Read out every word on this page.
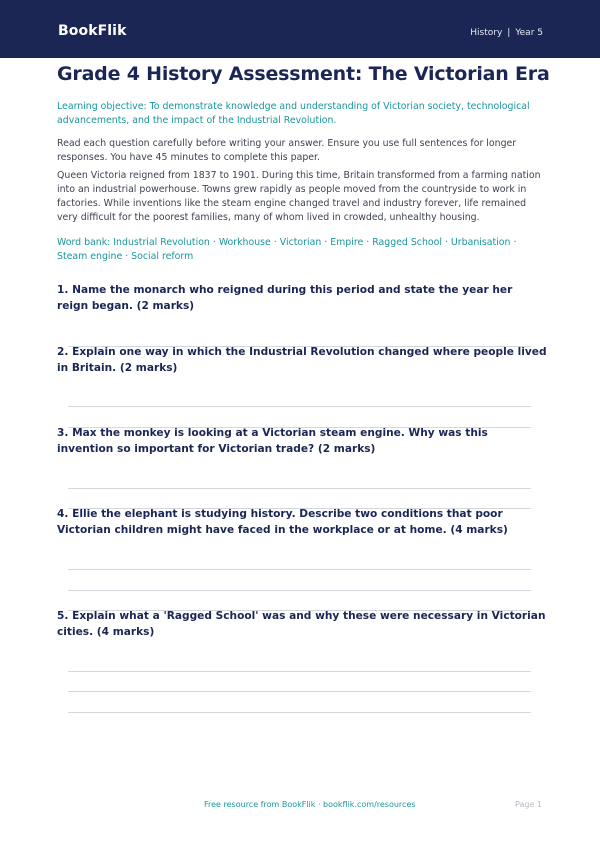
BookFlik	History | Year 5
Grade 4 History Assessment: The Victorian Era

Learning objective: To demonstrate knowledge and understanding of Victorian society, technological advancements, and the impact of the Industrial Revolution.

Read each question carefully before writing your answer. Ensure you use full sentences for longer responses. You have 45 minutes to complete this paper.

Queen Victoria reigned from 1837 to 1901. During this time, Britain transformed from a farming nation into an industrial powerhouse. Towns grew rapidly as people moved from the countryside to work in factories. While inventions like the steam engine changed travel and industry forever, life remained very difficult for the poorest families, many of whom lived in crowded, unhealthy housing.

Word bank: Industrial Revolution · Workhouse · Victorian · Empire · Ragged School · Urbanisation · Steam engine · Social reform

1. Name the monarch who reigned during this period and state the year her reign began. (2 marks)

2. Explain one way in which the Industrial Revolution changed where people lived in Britain. (2 marks)

3. Max the monkey is looking at a Victorian steam engine. Why was this invention so important for Victorian trade? (2 marks)

4. Ellie the elephant is studying history. Describe two conditions that poor Victorian children might have faced in the workplace or at home. (4 marks)

5. Explain what a 'Ragged School' was and why these were necessary in Victorian cities. (4 marks)

Free resource from BookFlik · bookflik.com/resources	Page 1
